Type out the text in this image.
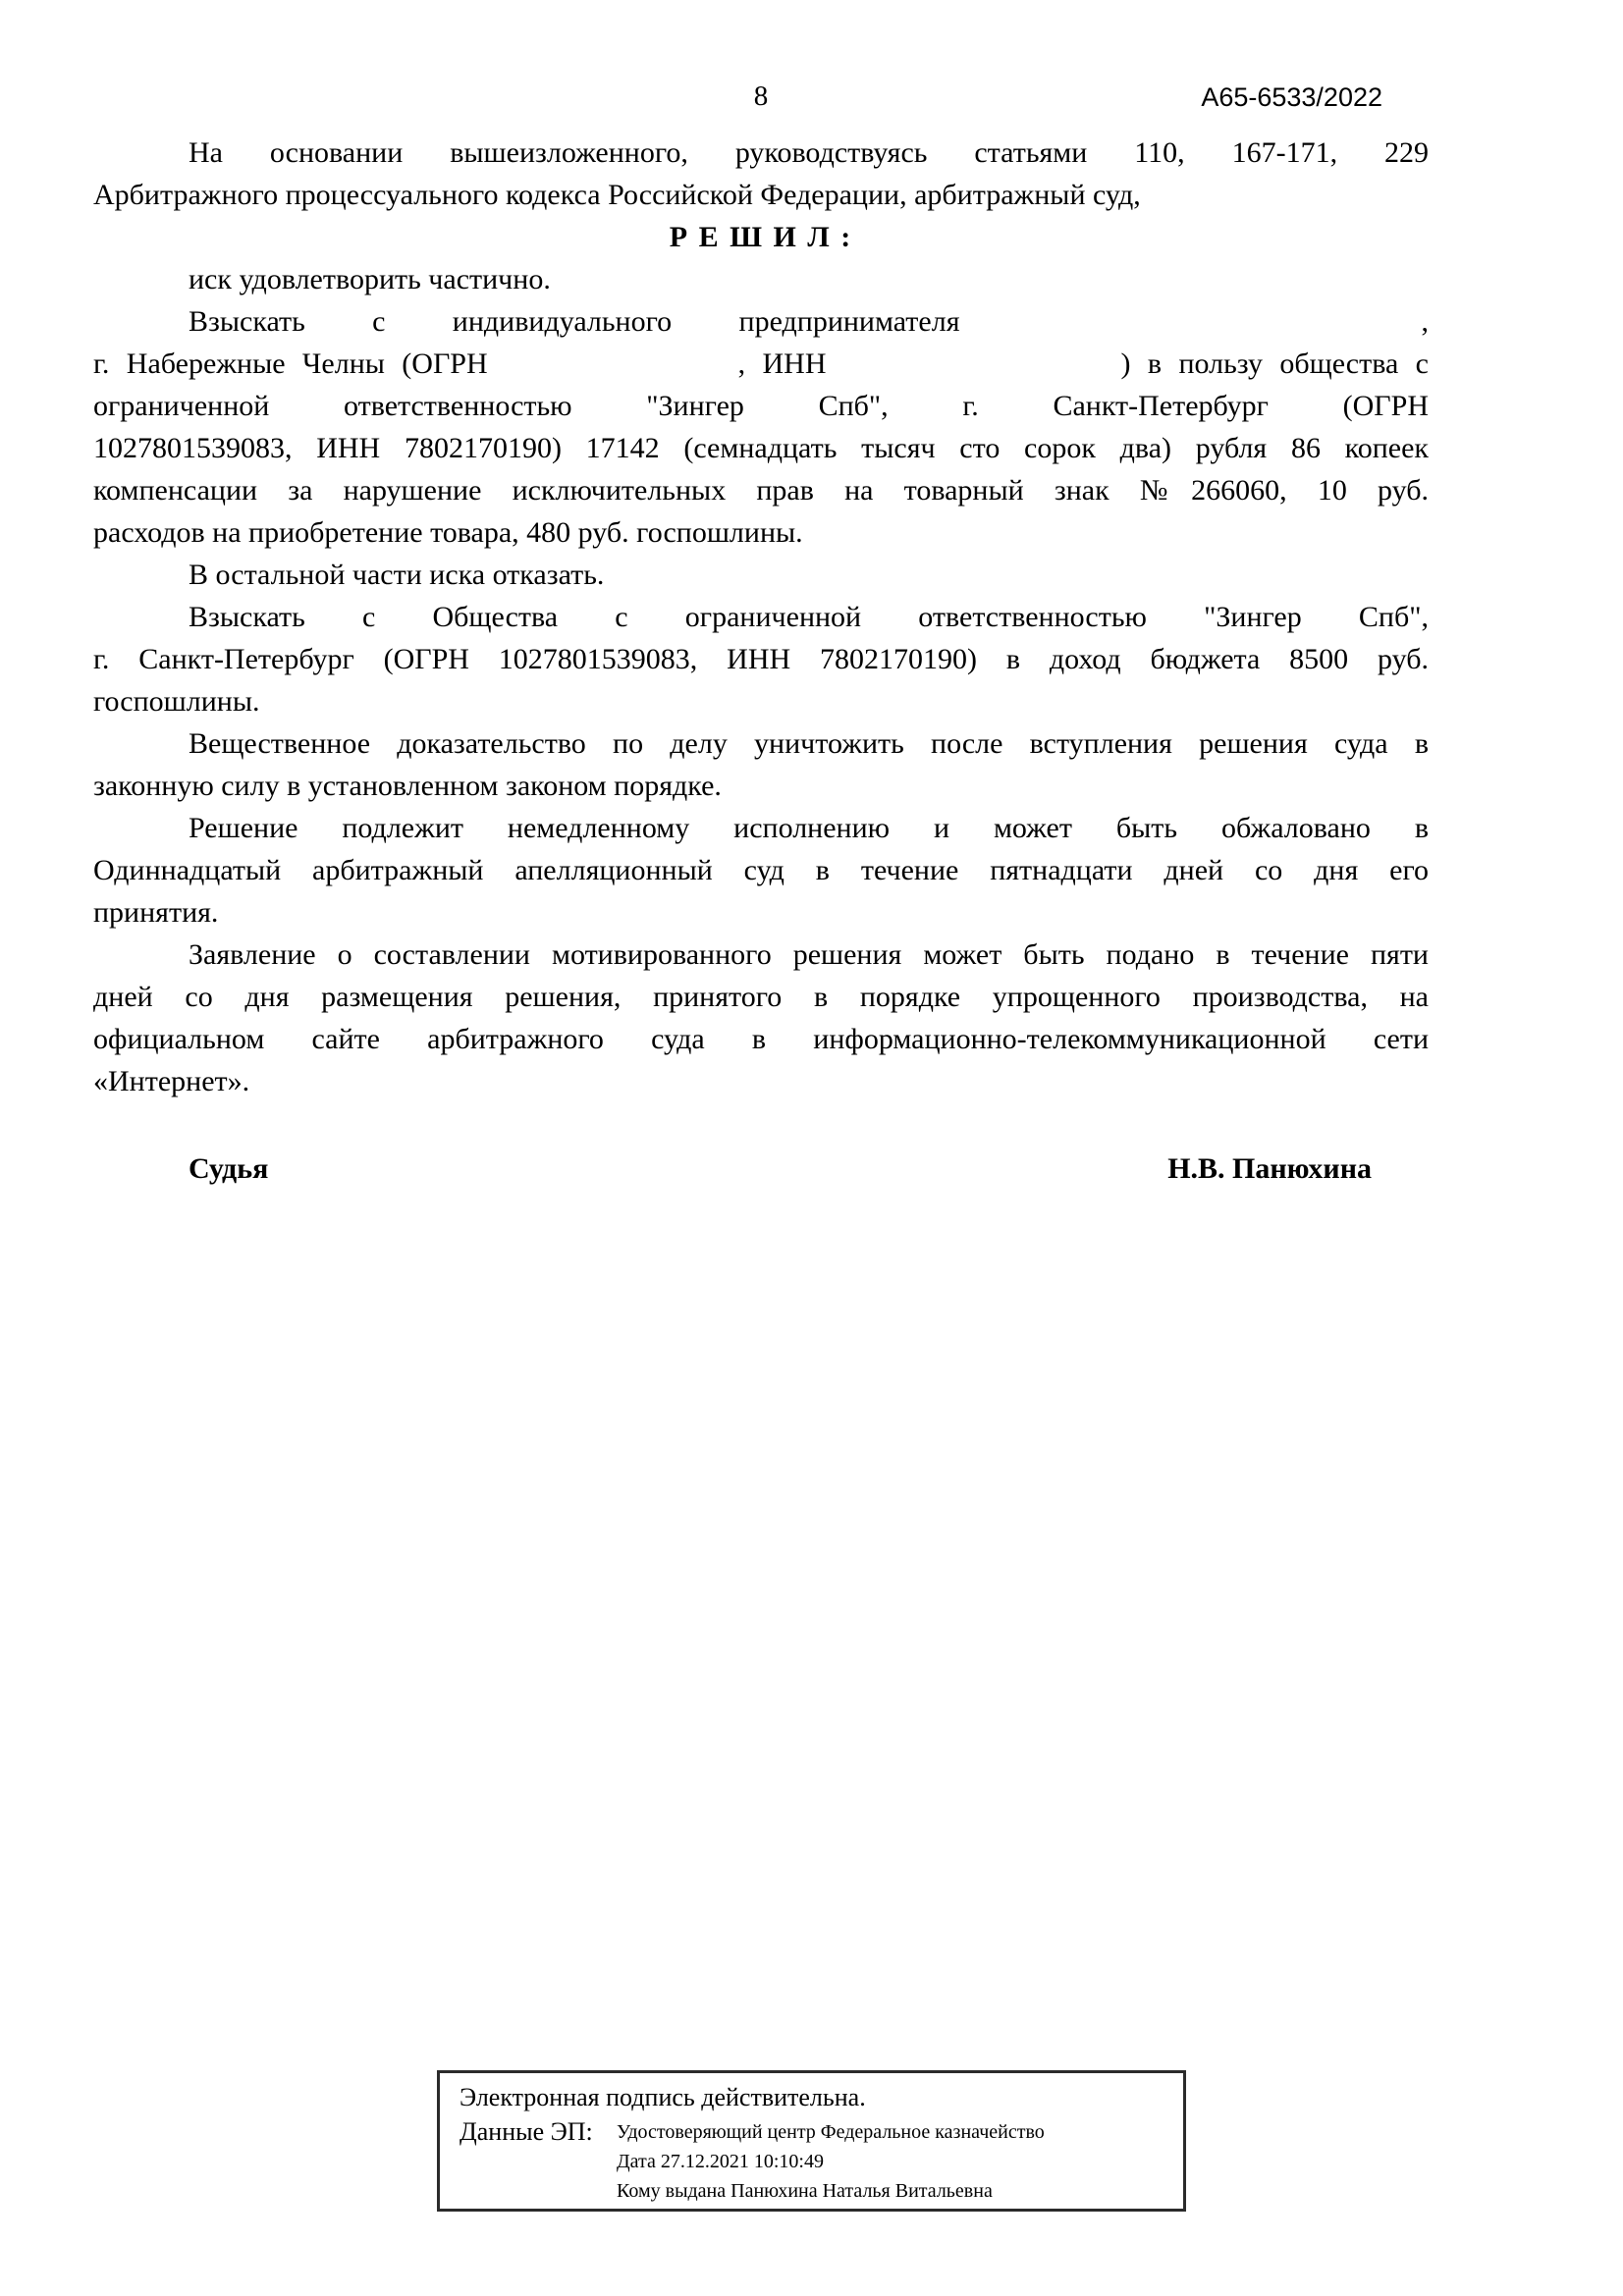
8	А65-6533/2022
На основании вышеизложенного, руководствуясь статьями 110, 167-171, 229
Арбитражного процессуального кодекса Российской Федерации, арбитражный суд,
Р Е Ш И Л :
иск удовлетворить частично.
Взыскать с индивидуального предпринимателя	,
г. Набережные Челны (ОГРН	, ИНН	) в пользу общества с
ограниченной ответственностью "Зингер Спб", г. Санкт-Петербург (ОГРН
1027801539083, ИНН 7802170190) 17142 (семнадцать тысяч сто сорок два) рубля 86 копеек
компенсации за нарушение исключительных прав на товарный знак №266060, 10 руб.
расходов на приобретение товара, 480 руб. госпошлины.
В остальной части иска отказать.
Взыскать с Общества с ограниченной ответственностью "Зингер Спб",
г. Санкт-Петербург (ОГРН 1027801539083, ИНН 7802170190) в доход бюджета 8500 руб.
госпошлины.
Вещественное доказательство по делу уничтожить после вступления решения суда в
законную силу в установленном законом порядке.
Решение подлежит немедленному исполнению и может быть обжаловано в
Одиннадцатый арбитражный апелляционный суд в течение пятнадцати дней со дня его
принятия.
Заявление о составлении мотивированного решения может быть подано в течение пяти
дней со дня размещения решения, принятого в порядке упрощенного производства, на
официальном сайте арбитражного суда в информационно-телекоммуникационной сети
«Интернет».
Судья	Н.В. Панюхина
Электронная подпись действительна.
Данные ЭП:	Удостоверяющий центр Федеральное казначейство
Дата 27.12.2021 10:10:49
Кому выдана Панюхина Наталья Витальевна
